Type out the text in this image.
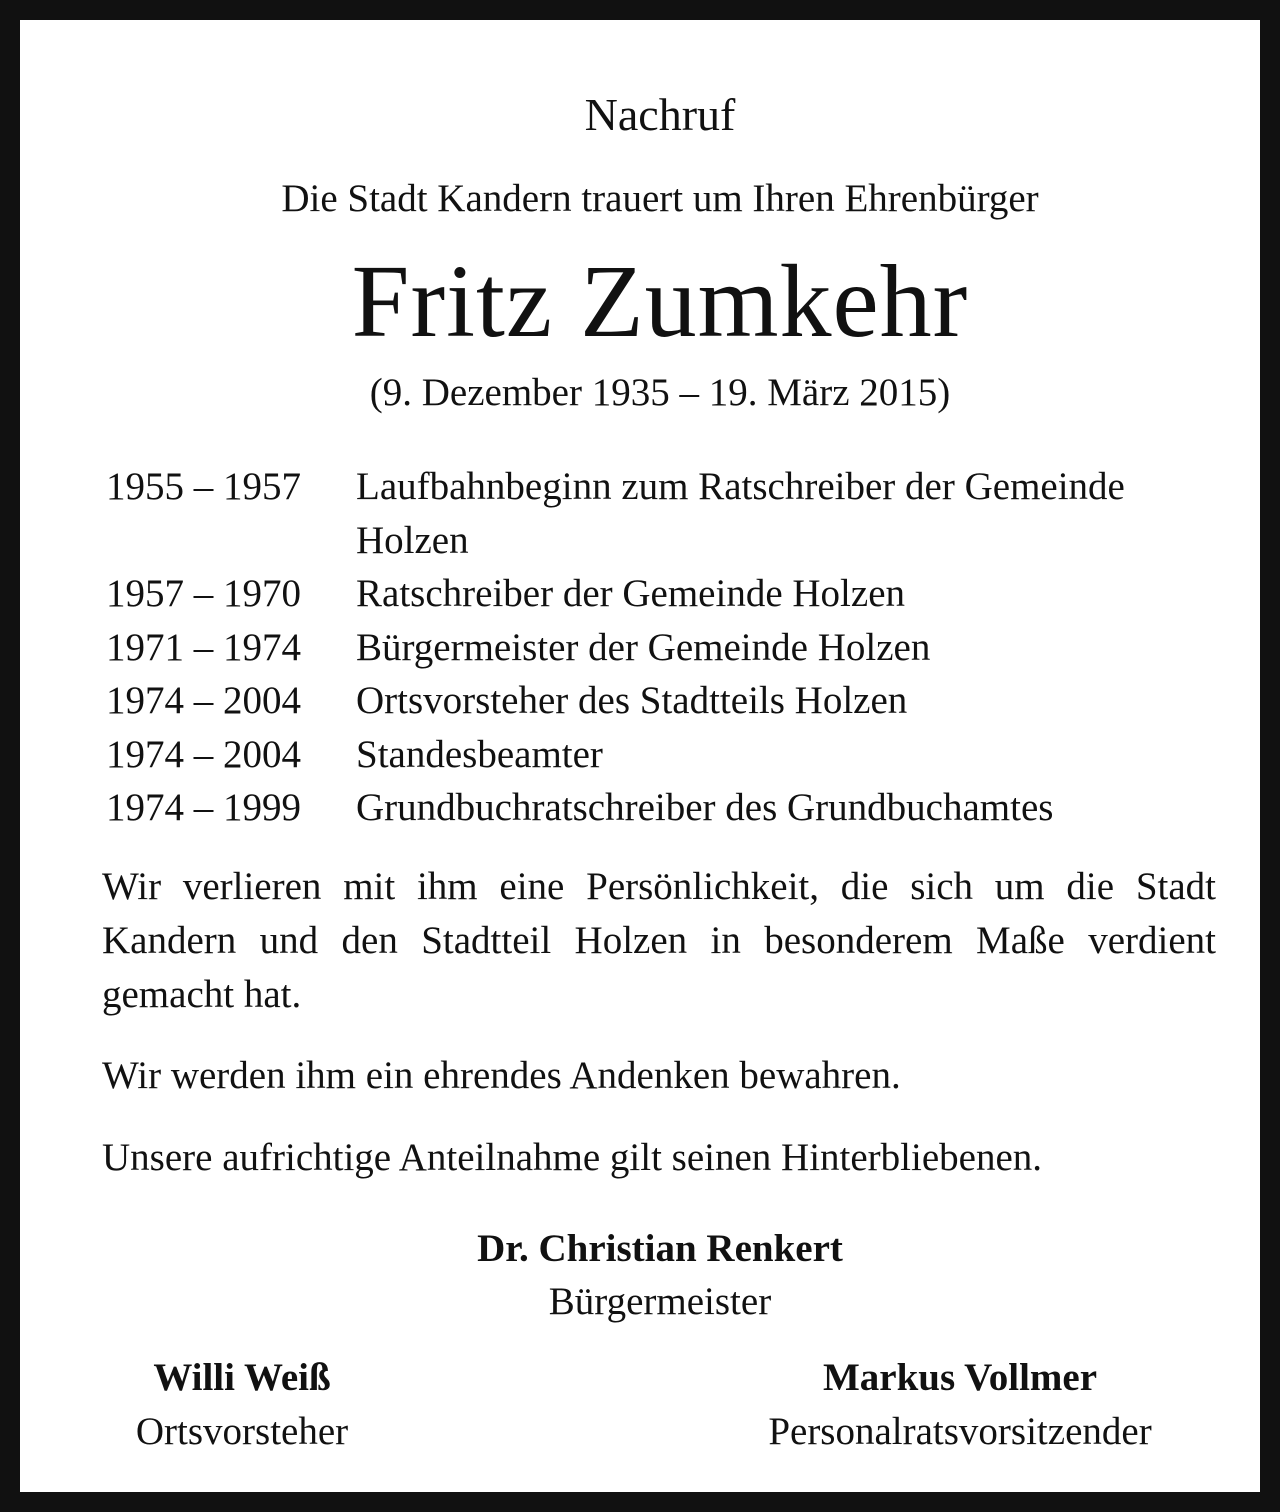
Nachruf
Die Stadt Kandern trauert um Ihren Ehrenbürger
Fritz Zumkehr
(9. Dezember 1935 – 19. März 2015)
1955 – 1957	Laufbahnbeginn zum Ratschreiber der Gemeinde Holzen
1957 – 1970	Ratschreiber der Gemeinde Holzen
1971 – 1974	Bürgermeister der Gemeinde Holzen
1974 – 2004	Ortsvorsteher des Stadtteils Holzen
1974 – 2004	Standesbeamter
1974 – 1999	Grundbuchratschreiber des Grundbuchamtes
Wir verlieren mit ihm eine Persönlichkeit, die sich um die Stadt Kandern und den Stadtteil Holzen in besonderem Maße verdient gemacht hat.
Wir werden ihm ein ehrendes Andenken bewahren.
Unsere aufrichtige Anteilnahme gilt seinen Hinterbliebenen.
Dr. Christian Renkert
Bürgermeister
Willi Weiß
Ortsvorsteher
Markus Vollmer
Personalratsvorsitzender
